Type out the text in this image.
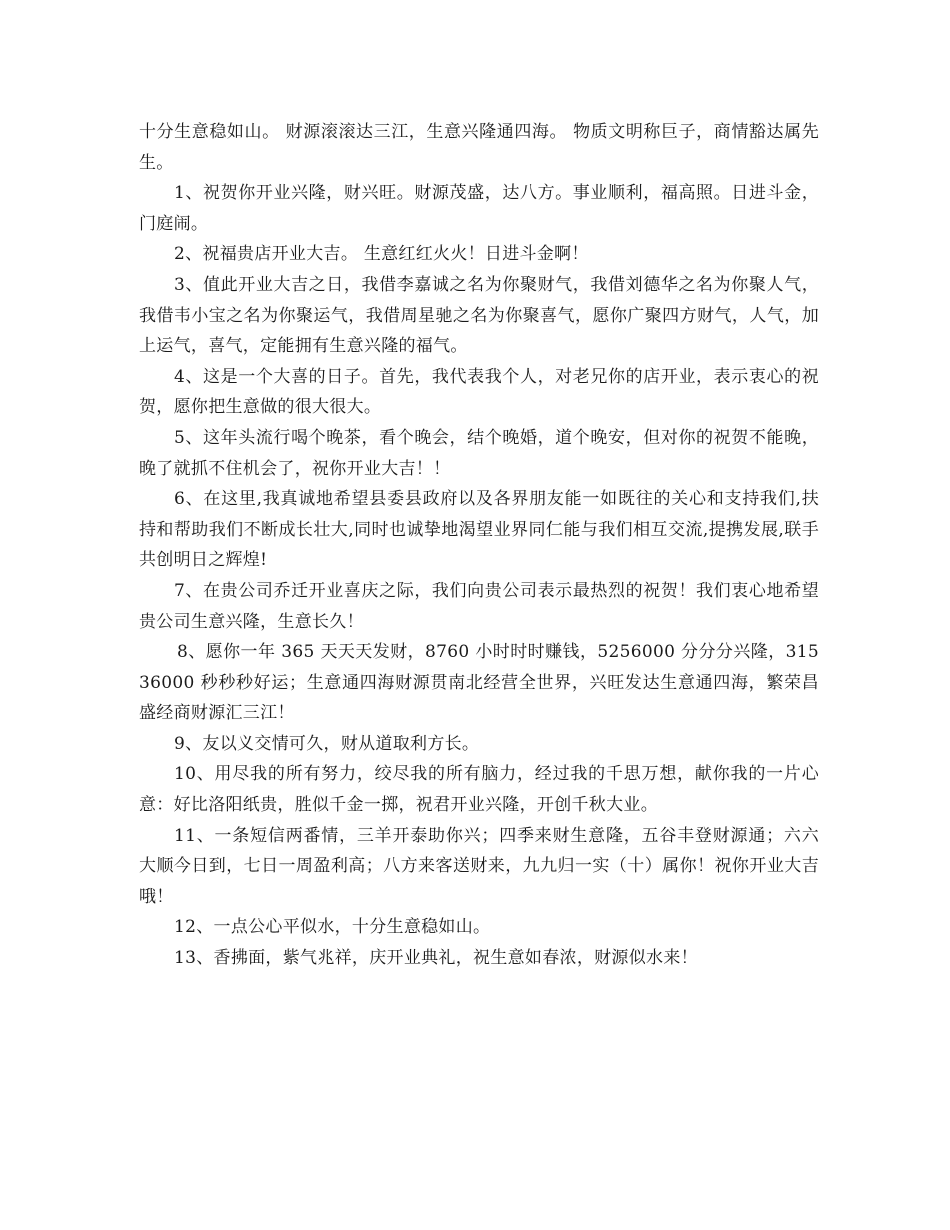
十分生意稳如山。 财源滚滚达三江，生意兴隆通四海。 物质文明称巨子，商情豁达属先生。

1、祝贺你开业兴隆，财兴旺。财源茂盛，达八方。事业顺利，福高照。日进斗金，门庭闹。

2、祝福贵店开业大吉。 生意红红火火！日进斗金啊！

3、值此开业大吉之日，我借李嘉诚之名为你聚财气，我借刘德华之名为你聚人气，我借韦小宝之名为你聚运气，我借周星驰之名为你聚喜气，愿你广聚四方财气，人气，加上运气，喜气，定能拥有生意兴隆的福气。

4、这是一个大喜的日子。首先，我代表我个人，对老兄你的店开业，表示衷心的祝贺，愿你把生意做的很大很大。

5、这年头流行喝个晚茶，看个晚会，结个晚婚，道个晚安，但对你的祝贺不能晚，晚了就抓不住机会了，祝你开业大吉！！

6、在这里,我真诚地希望县委县政府以及各界朋友能一如既往的关心和支持我们,扶持和帮助我们不断成长壮大,同时也诚挚地渴望业界同仁能与我们相互交流,提携发展,联手共创明日之辉煌!

7、在贵公司乔迁开业喜庆之际，我们向贵公司表示最热烈的祝贺！我们衷心地希望贵公司生意兴隆，生意长久！

8、愿你一年 365 天天天发财，8760 小时时时赚钱，5256000 分分分兴隆，31536000 秒秒秒好运；生意通四海财源贯南北经营全世界，兴旺发达生意通四海，繁荣昌盛经商财源汇三江！

9、友以义交情可久，财从道取利方长。

10、用尽我的所有努力，绞尽我的所有脑力，经过我的千思万想，献你我的一片心意：好比洛阳纸贵，胜似千金一掷，祝君开业兴隆，开创千秋大业。

11、一条短信两番情，三羊开泰助你兴；四季来财生意隆，五谷丰登财源通；六六大顺今日到，七日一周盈利高；八方来客送财来，九九归一实（十）属你！祝你开业大吉哦！

12、一点公心平似水，十分生意稳如山。

13、香拂面，紫气兆祥，庆开业典礼，祝生意如春浓，财源似水来！
